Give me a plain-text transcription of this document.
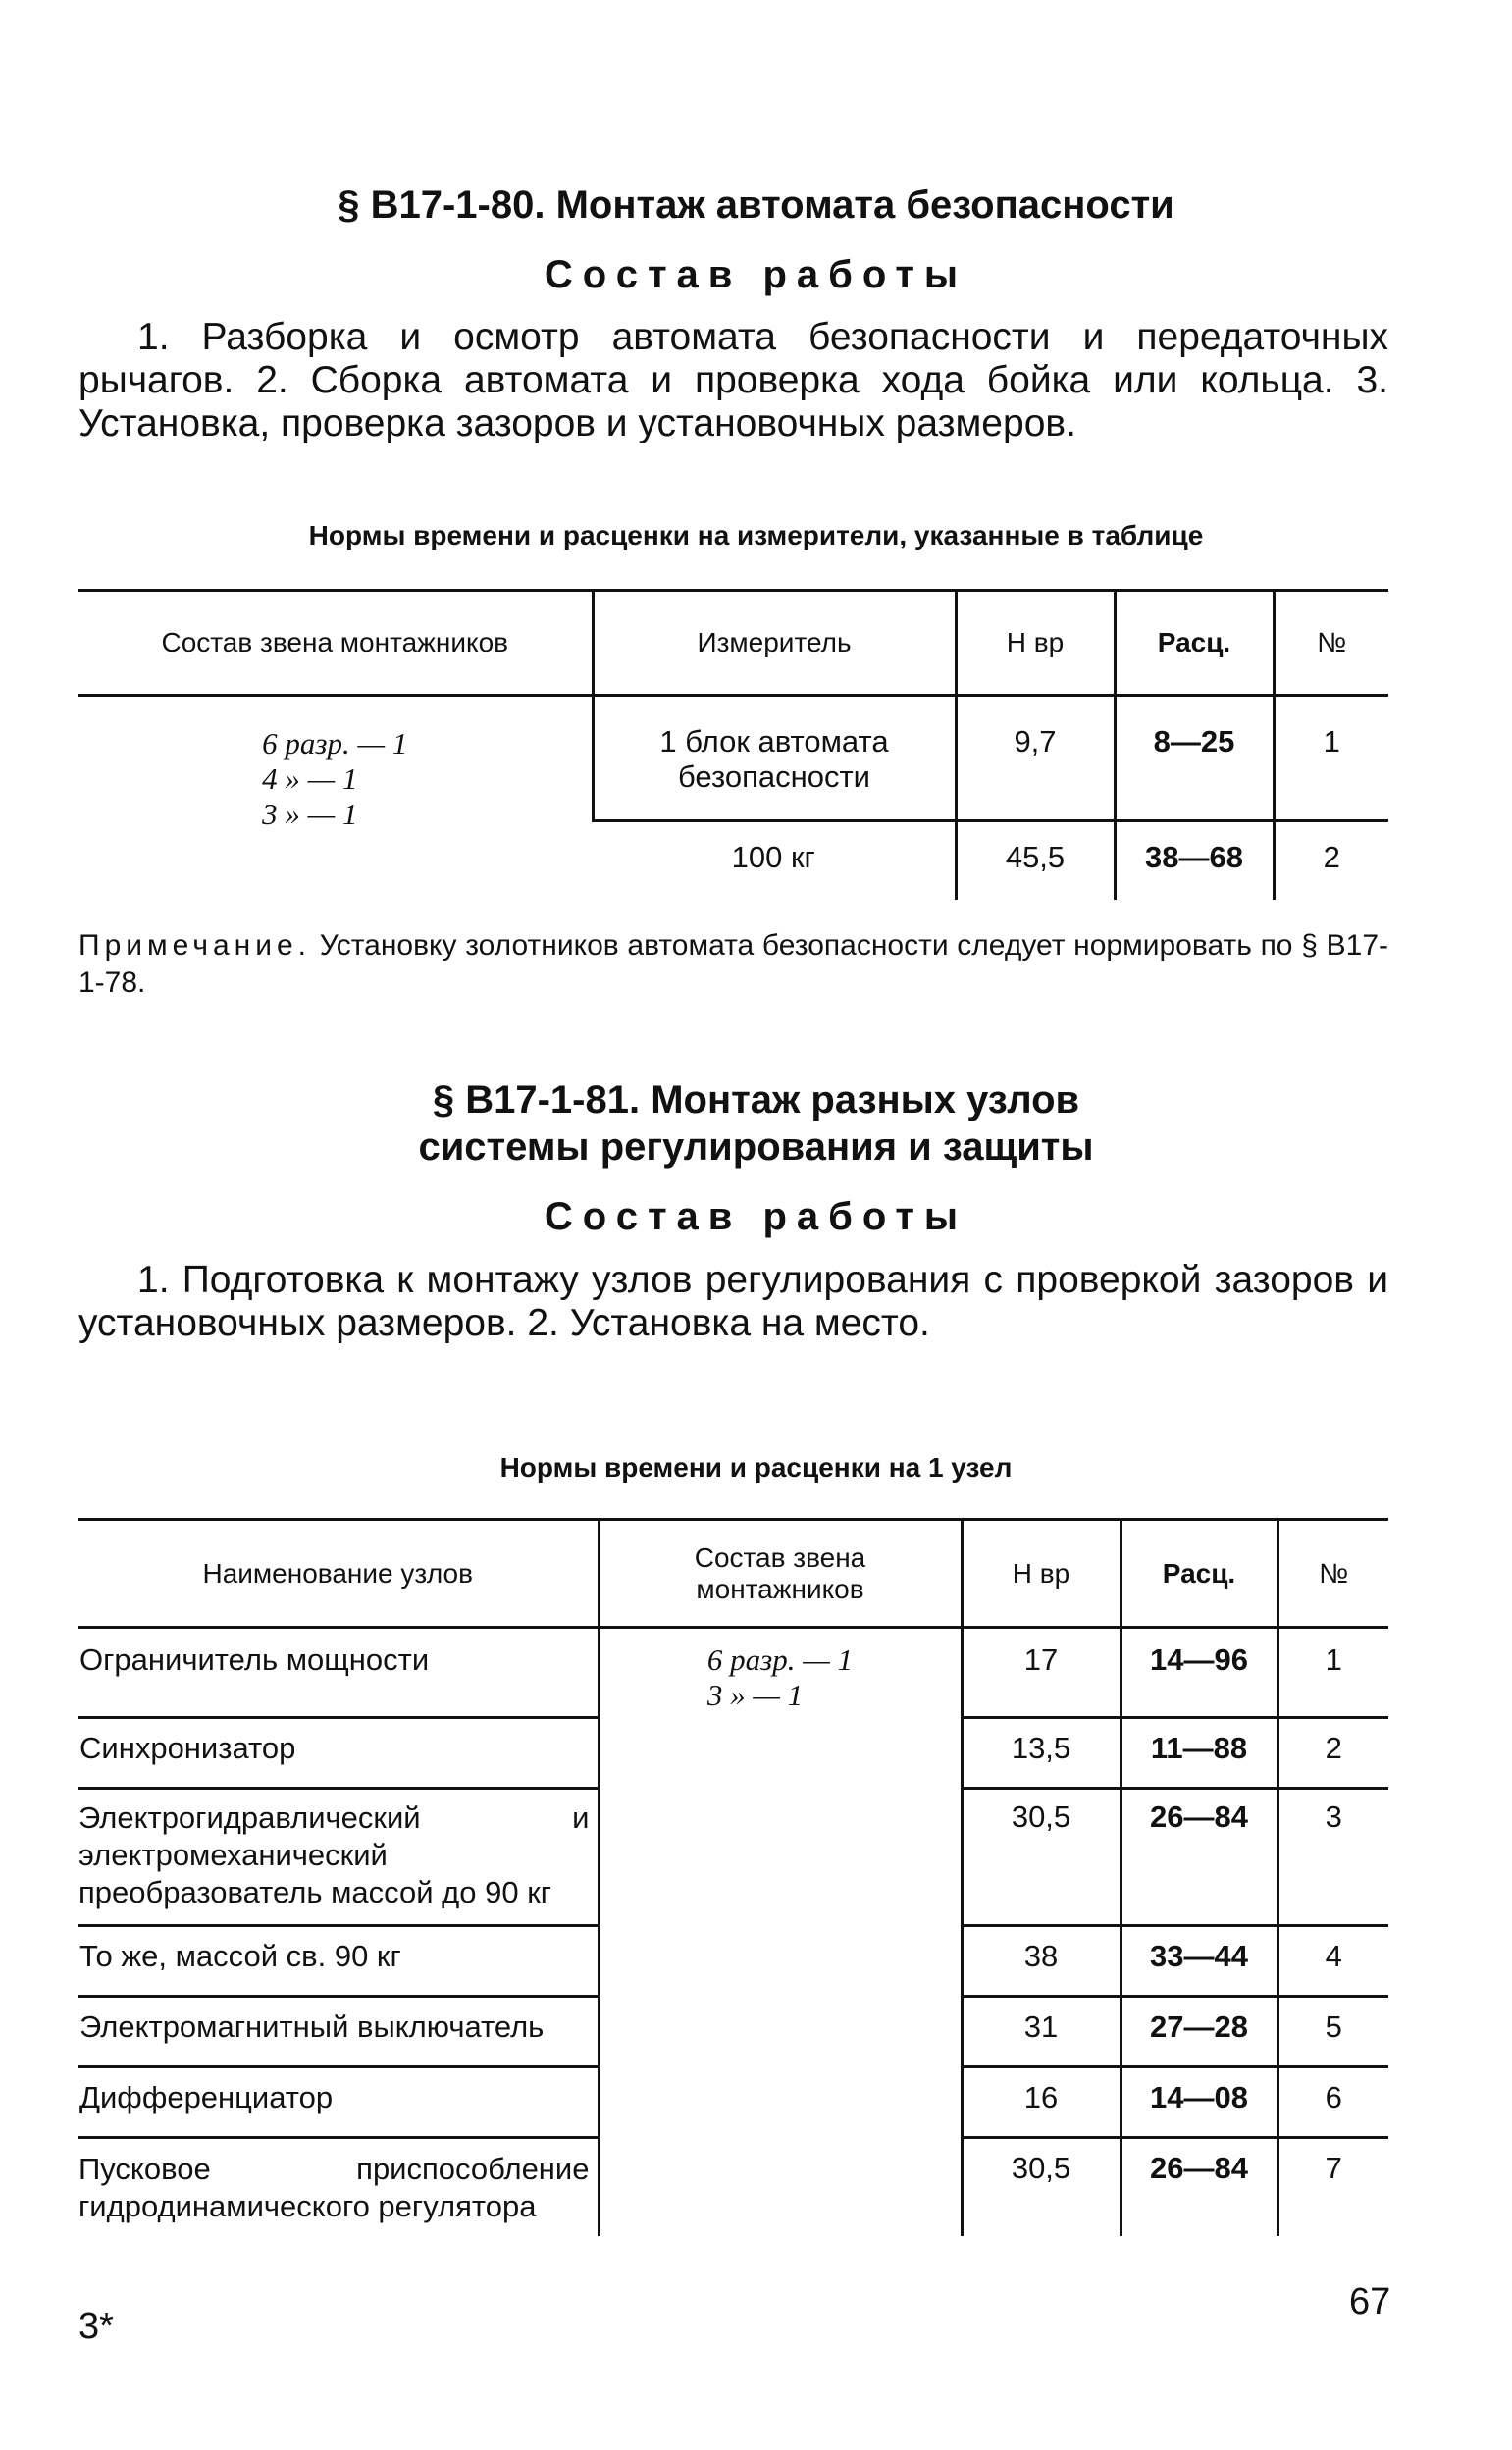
§ В17-1-80. Монтаж автомата безопасности
Состав работы

1. Разборка и осмотр автомата безопасности и передаточных рычагов. 2. Сборка автомата и проверка хода бойка или кольца. 3. Установка, проверка зазоров и установочных размеров.

Нормы времени и расценки на измерители, указанные в таблице
Состав звена монтажников	Измеритель	Н вр	Расц.	№

6 разр. — 1
4 » — 1
3 » — 1	1 блок автомата безопасности	9,7	8—25	1
	100 кг	45,5	38—68	2
Примечание. Установку золотников автомата безопасности следует нормировать по § В17-1-78.
§ В17-1-81. Монтаж разных узлов
системы регулирования и защиты
Состав работы

1. Подготовка к монтажу узлов регулирования с проверкой зазоров и установочных размеров. 2. Установка на место.

Нормы времени и расценки на 1 узел
Наименование узлов	Состав звена монтажников	Н вр	Расц.	№
Ограничитель мощности	6 разр. — 1
3 » — 1	17	14—96	1
Синхронизатор		13,5	11—88	2
Электрогидравлический и электромеханический преобразователь массой до 90 кг		30,5	26—84	3
То же, массой св. 90 кг		38	33—44	4
Электромагнитный выключатель		31	27—28	5
Дифференциатор		16	14—08	6
Пусковое приспособление гидродинамического регулятора		30,5	26—84	7
3*
67
